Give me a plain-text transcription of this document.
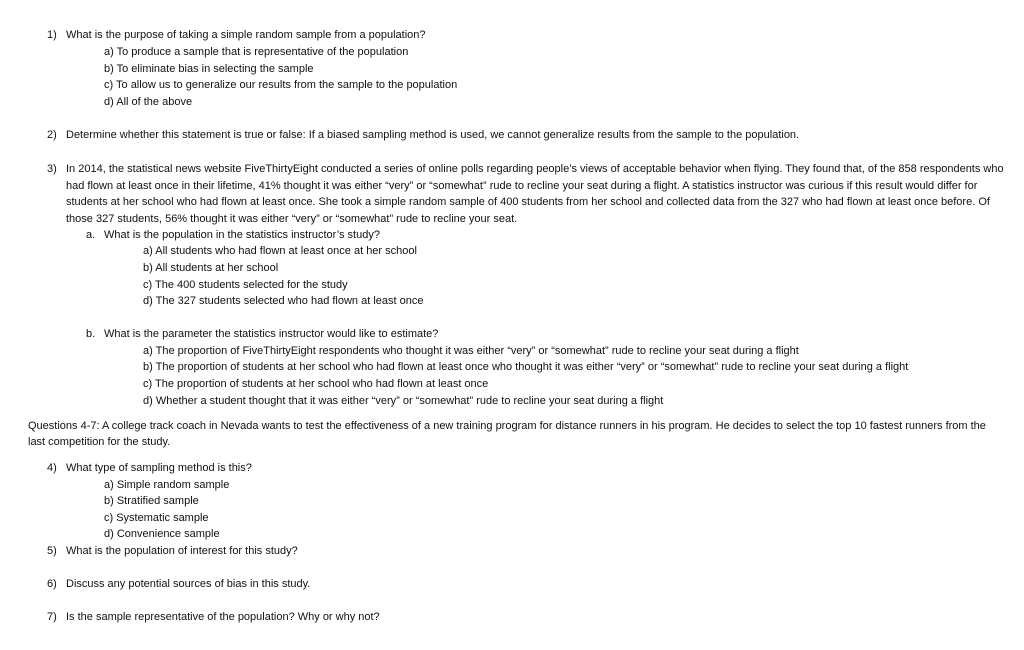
1) What is the purpose of taking a simple random sample from a population?
a) To produce a sample that is representative of the population
b) To eliminate bias in selecting the sample
c) To allow us to generalize our results from the sample to the population
d) All of the above
2) Determine whether this statement is true or false: If a biased sampling method is used, we cannot generalize results from the sample to the population.
3) In 2014, the statistical news website FiveThirtyEight conducted a series of online polls regarding people’s views of acceptable behavior when flying. They found that, of the 858 respondents who had flown at least once in their lifetime, 41% thought it was either “very” or “somewhat” rude to recline your seat during a flight. A statistics instructor was curious if this result would differ for students at her school who had flown at least once. She took a simple random sample of 400 students from her school and collected data from the 327 who had flown at least once before. Of those 327 students, 56% thought it was either “very” or “somewhat” rude to recline your seat.
a. What is the population in the statistics instructor’s study?
a) All students who had flown at least once at her school
b) All students at her school
c) The 400 students selected for the study
d) The 327 students selected who had flown at least once
b. What is the parameter the statistics instructor would like to estimate?
a) The proportion of FiveThirtyEight respondents who thought it was either “very” or “somewhat” rude to recline your seat during a flight
b) The proportion of students at her school who had flown at least once who thought it was either “very” or “somewhat” rude to recline your seat during a flight
c) The proportion of students at her school who had flown at least once
d) Whether a student thought that it was either “very” or “somewhat” rude to recline your seat during a flight
Questions 4-7: A college track coach in Nevada wants to test the effectiveness of a new training program for distance runners in his program. He decides to select the top 10 fastest runners from the last competition for the study.
4) What type of sampling method is this?
a) Simple random sample
b) Stratified sample
c) Systematic sample
d) Convenience sample
5) What is the population of interest for this study?
6) Discuss any potential sources of bias in this study.
7) Is the sample representative of the population? Why or why not?
